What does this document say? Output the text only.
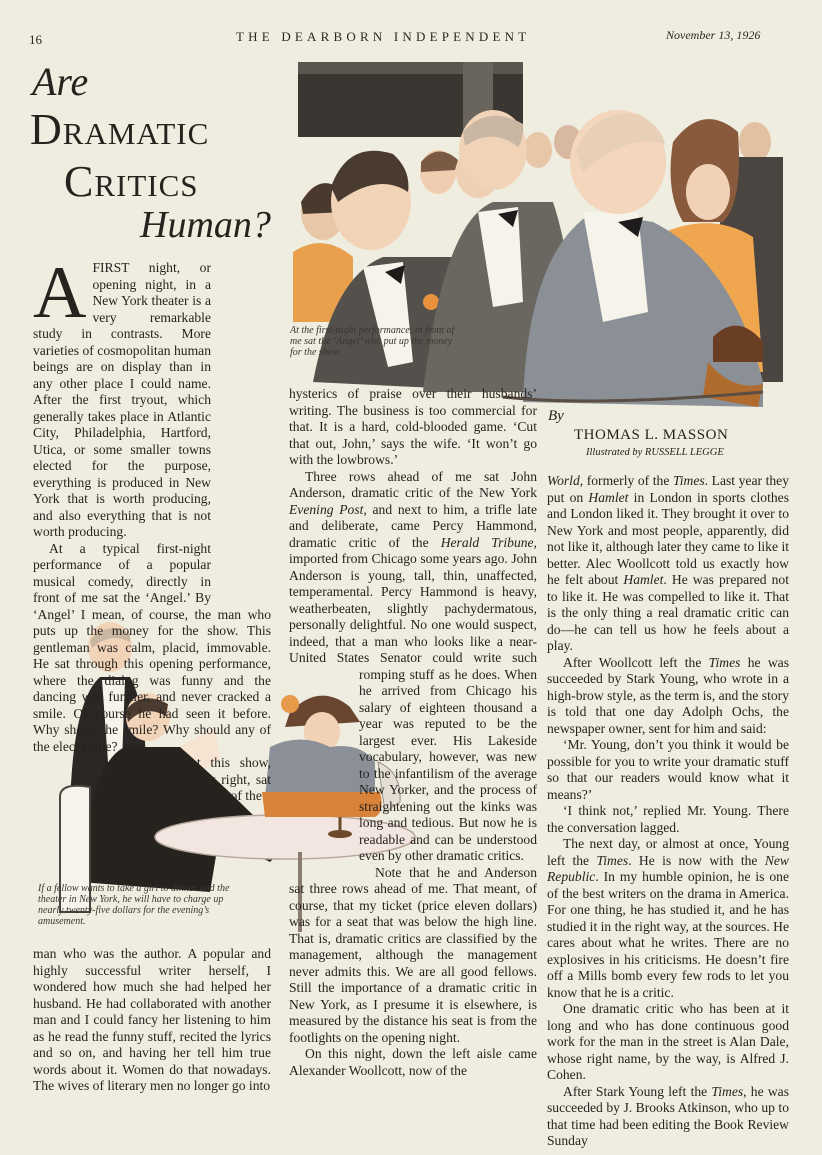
16	THE DEARBORN INDEPENDENT	November 13, 1926
Are
Dramatic
Critics
Human?
At the first-night performance, in front of me sat the ‘Angel’ who put up the money for the show.
By
THOMAS L. MASSON
Illustrated by RUSSELL LEGGE
If a fellow wants to take a girl to dinner and the theater in New York, he will have to charge up nearly twenty-five dollars for the evening’s amusement.
A FIRST night, or opening night, in a New York theater is a very remarkable study in contrasts. More varieties of cosmopolitan human beings are on display than in any other place I could name. After the first tryout, which generally takes place in Atlantic City, Philadelphia, Hartford, Utica, or some smaller towns elected for the purpose, everything is produced in New York that is worth producing, and also everything that is not worth producing.

At a typical first-night performance of a popular musical comedy, directly in front of me sat the ‘Angel.’ By ‘Angel’ I mean, of course, the man who puts up the money for the show. This gentleman was calm, placid, immovable. He sat through this opening performance, where the dialog was funny and the dancing was funnier, and never cracked a smile. Of course he had seen it before. Why should he smile? Why should any of the elect smile?

At this show, at my right, sat the wife of the

man who was the author. A popular and highly successful writer herself, I wondered how much she had helped her husband. He had collaborated with another man and I could fancy her listening to him as he read the funny stuff, recited the lyrics and so on, and having her tell him true words about it. Women do that nowadays. The wives of literary men no longer go into

hysterics of praise over their husbands’ writing. The business is too commercial for that. It is a hard, cold-blooded game. ‘Cut that out, John,’ says the wife. ‘It won’t go with the lowbrows.’

Three rows ahead of me sat John Anderson, dramatic critic of the New York Evening Post, and next to him, a trifle late and deliberate, came Percy Hammond, dramatic critic of the Herald Tribune, imported from Chicago some years ago. John Anderson is young, tall, thin, unaffected, temperamental. Percy Hammond is heavy, weatherbeaten, slightly pachydermatous, personally delightful. No one would suspect, indeed, that a man who looks like a near-United States Senator could write such romping stuff as he does. When he arrived from Chicago his salary of eighteen thousand a year was reputed to be the largest ever. His Lakeside vocabulary, however, was new to the infantilism of the average New Yorker, and the process of straightening out the kinks was long and tedious. But now he is readable and can be understood even by other dramatic critics.

Note that he and Anderson sat three rows ahead of me. That meant, of course, that my ticket (price eleven dollars) was for a seat that was below the high line. That is, dramatic critics are classified by the management, although the management never admits this. We are all good fellows. Still the importance of a dramatic critic in New York, as I presume it is elsewhere, is measured by the distance his seat is from the footlights on the opening night.

On this night, down the left aisle came Alexander Woollcott, now of the

World, formerly of the Times. Last year they put on Hamlet in London in sports clothes and London liked it. They brought it over to New York and most people, apparently, did not like it, although later they came to like it better. Alec Woollcott told us exactly how he felt about Hamlet. He was prepared not to like it. He was compelled to like it. That is the only thing a real dramatic critic can do—he can tell us how he feels about a play.

After Woollcott left the Times he was succeeded by Stark Young, who wrote in a high-brow style, as the term is, and the story is told that one day Adolph Ochs, the newspaper owner, sent for him and said:

‘Mr. Young, don’t you think it would be possible for you to write your dramatic stuff so that our readers would know what it means?’

‘I think not,’ replied Mr. Young. There the conversation lagged.

The next day, or almost at once, Young left the Times. He is now with the New Republic. In my humble opinion, he is one of the best writers on the drama in America. For one thing, he has studied it, and he has studied it in the right way, at the sources. He cares about what he writes. There are no explosives in his criticisms. He doesn’t fire off a Mills bomb every few rods to let you know that he is a critic.

One dramatic critic who has been at it long and who has done continuous good work for the man in the street is Alan Dale, whose right name, by the way, is Alfred J. Cohen.

After Stark Young left the Times, he was succeeded by J. Brooks Atkinson, who up to that time had been editing the Book Review Sunday
